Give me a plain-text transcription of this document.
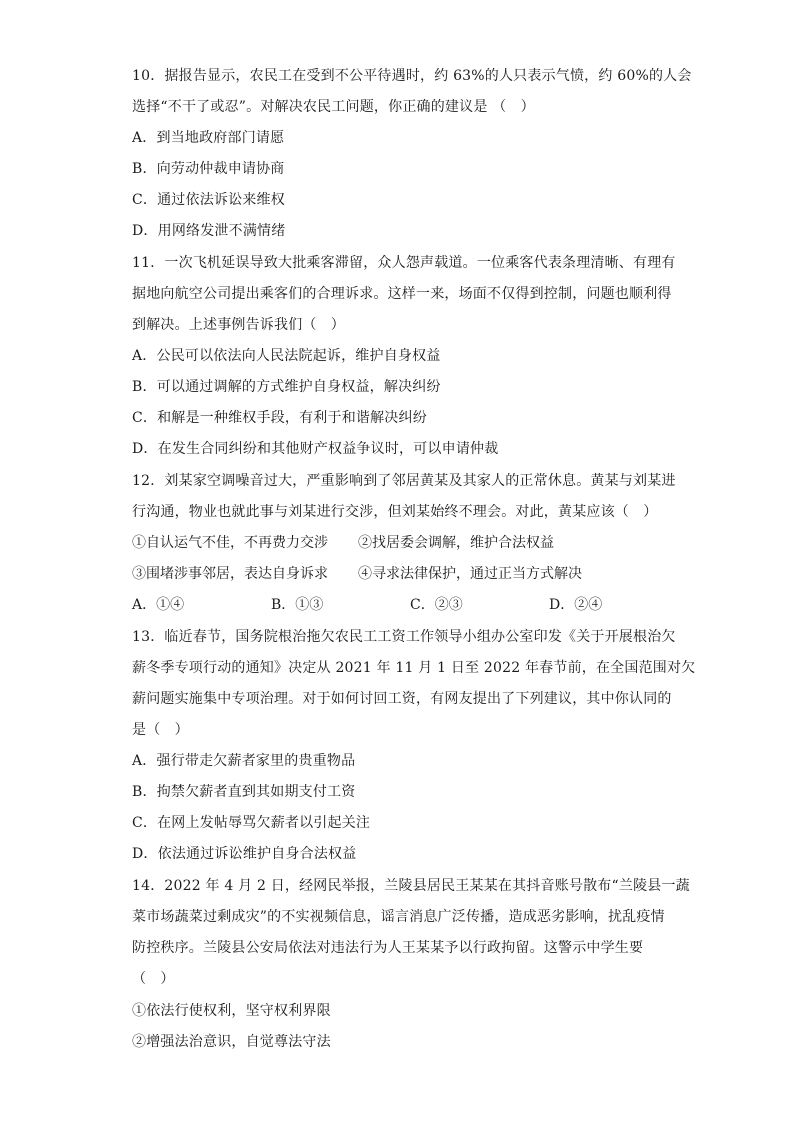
10．据报告显示，农民工在受到不公平待遇时，约 63%的人只表示气愤，约 60%的人会
选择“不干了或忍”。对解决农民工问题，你正确的建议是 （　）
A．到当地政府部门请愿
B．向劳动仲裁申请协商
C．通过依法诉讼来维权
D．用网络发泄不满情绪
11．一次飞机延误导致大批乘客滞留，众人怨声载道。一位乘客代表条理清晰、有理有
据地向航空公司提出乘客们的合理诉求。这样一来，场面不仅得到控制，问题也顺利得
到解决。上述事例告诉我们（　）
A．公民可以依法向人民法院起诉，维护自身权益
B．可以通过调解的方式维护自身权益，解决纠纷
C．和解是一种维权手段，有利于和谐解决纠纷
D．在发生合同纠纷和其他财产权益争议时，可以申请仲裁
12．刘某家空调噪音过大，严重影响到了邻居黄某及其家人的正常休息。黄某与刘某进
行沟通，物业也就此事与刘某进行交涉，但刘某始终不理会。对此，黄某应该（　）
①自认运气不佳，不再费力交涉 ②找居委会调解，维护合法权益
③围堵涉事邻居，表达自身诉求 ④寻求法律保护，通过正当方式解决
A．①④	B．①③	C．②③	D．②④
13．临近春节，国务院根治拖欠农民工工资工作领导小组办公室印发《关于开展根治欠
薪冬季专项行动的通知》决定从 2021 年 11 月 1 日至 2022 年春节前，在全国范围对欠
薪问题实施集中专项治理。对于如何讨回工资，有网友提出了下列建议，其中你认同的
是（　）
A．强行带走欠薪者家里的贵重物品
B．拘禁欠薪者直到其如期支付工资
C．在网上发帖辱骂欠薪者以引起关注
D．依法通过诉讼维护自身合法权益
14．2022 年 4 月 2 日，经网民举报，兰陵县居民王某某在其抖音账号散布“兰陵县一蔬
菜市场蔬菜过剩成灾”的不实视频信息，谣言消息广泛传播，造成恶劣影响，扰乱疫情
防控秩序。兰陵县公安局依法对违法行为人王某某予以行政拘留。这警示中学生要
（　）
①依法行使权利，坚守权利界限
②增强法治意识，自觉尊法守法
